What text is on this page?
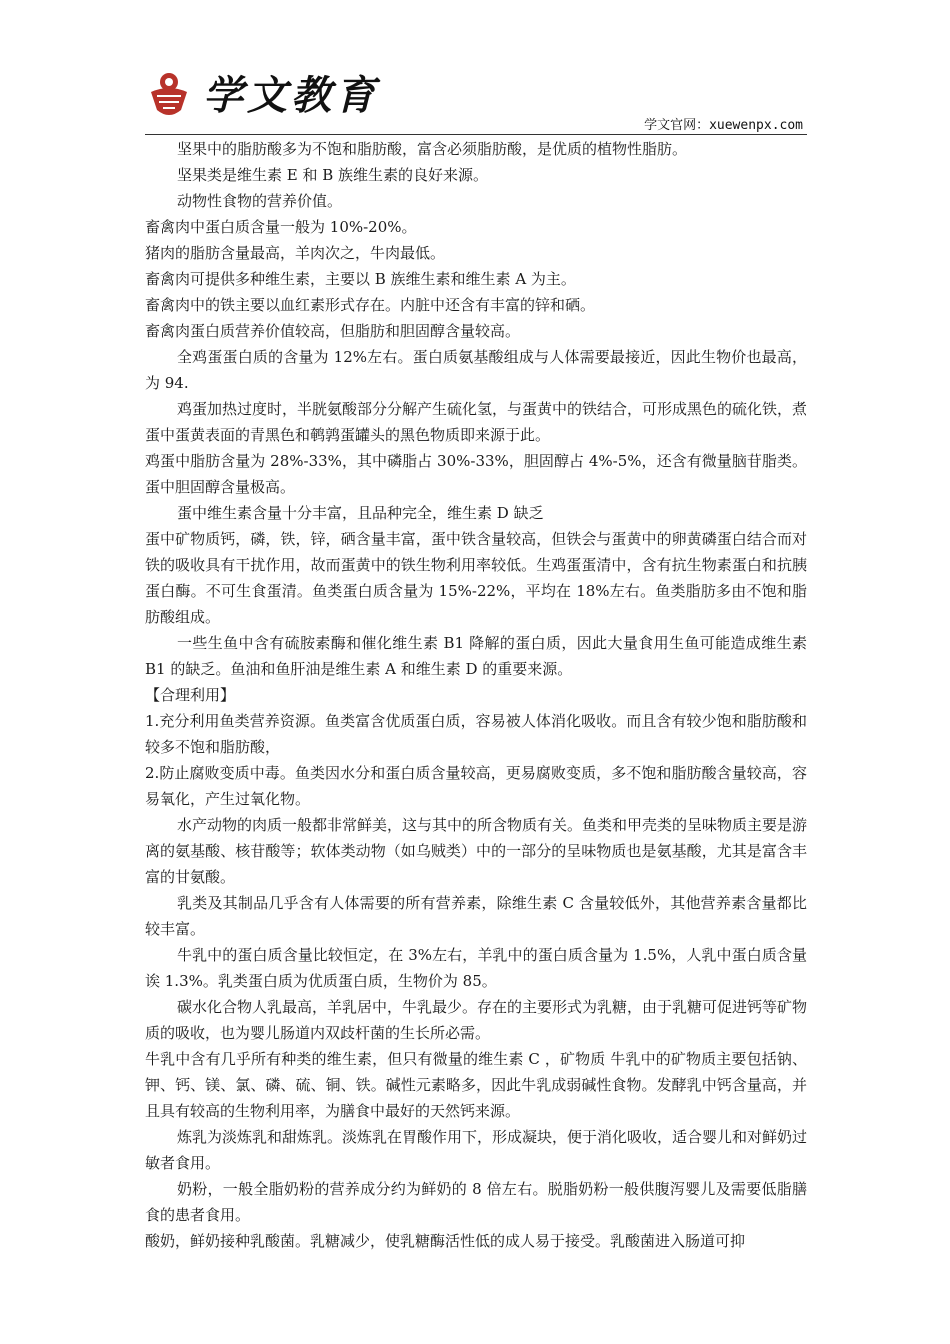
学文教育
学文官网：xuewenpx.com

坚果中的脂肪酸多为不饱和脂肪酸，富含必须脂肪酸，是优质的植物性脂肪。

坚果类是维生素 E 和 B 族维生素的良好来源。

动物性食物的营养价值。

畜禽肉中蛋白质含量一般为 10%-20%。

猪肉的脂肪含量最高，羊肉次之，牛肉最低。

畜禽肉可提供多种维生素，主要以 B 族维生素和维生素 A 为主。

畜禽肉中的铁主要以血红素形式存在。内脏中还含有丰富的锌和硒。

畜禽肉蛋白质营养价值较高，但脂肪和胆固醇含量较高。

全鸡蛋蛋白质的含量为 12%左右。蛋白质氨基酸组成与人体需要最接近，因此生物价也最高，为 94.

鸡蛋加热过度时，半胱氨酸部分分解产生硫化氢，与蛋黄中的铁结合，可形成黑色的硫化铁，煮蛋中蛋黄表面的青黑色和鹌鹑蛋罐头的黑色物质即来源于此。

鸡蛋中脂肪含量为 28%-33%，其中磷脂占 30%-33%，胆固醇占 4%-5%，还含有微量脑苷脂类。蛋中胆固醇含量极高。

蛋中维生素含量十分丰富，且品种完全，维生素 D 缺乏

蛋中矿物质钙，磷，铁，锌，硒含量丰富，蛋中铁含量较高，但铁会与蛋黄中的卵黄磷蛋白结合而对铁的吸收具有干扰作用，故而蛋黄中的铁生物利用率较低。生鸡蛋蛋清中，含有抗生物素蛋白和抗胰蛋白酶。不可生食蛋清。鱼类蛋白质含量为 15%-22%，平均在 18%左右。鱼类脂肪多由不饱和脂肪酸组成。

一些生鱼中含有硫胺素酶和催化维生素 B1 降解的蛋白质，因此大量食用生鱼可能造成维生素 B1 的缺乏。鱼油和鱼肝油是维生素 A 和维生素 D 的重要来源。

【合理利用】

1.充分利用鱼类营养资源。鱼类富含优质蛋白质，容易被人体消化吸收。而且含有较少饱和脂肪酸和较多不饱和脂肪酸，

2.防止腐败变质中毒。鱼类因水分和蛋白质含量较高，更易腐败变质，多不饱和脂肪酸含量较高，容易氧化，产生过氧化物。

水产动物的肉质一般都非常鲜美，这与其中的所含物质有关。鱼类和甲壳类的呈味物质主要是游离的氨基酸、核苷酸等；软体类动物（如乌贼类）中的一部分的呈味物质也是氨基酸，尤其是富含丰富的甘氨酸。

乳类及其制品几乎含有人体需要的所有营养素，除维生素 C 含量较低外，其他营养素含量都比较丰富。

牛乳中的蛋白质含量比较恒定，在 3%左右，羊乳中的蛋白质含量为 1.5%，人乳中蛋白质含量诶 1.3%。乳类蛋白质为优质蛋白质，生物价为 85。

碳水化合物人乳最高，羊乳居中，牛乳最少。存在的主要形式为乳糖，由于乳糖可促进钙等矿物质的吸收，也为婴儿肠道内双歧杆菌的生长所必需。

牛乳中含有几乎所有种类的维生素，但只有微量的维生素 C ，矿物质 牛乳中的矿物质主要包括钠、钾、钙、镁、氯、磷、硫、铜、铁。碱性元素略多，因此牛乳成弱碱性食物。发酵乳中钙含量高，并且具有较高的生物利用率，为膳食中最好的天然钙来源。

炼乳为淡炼乳和甜炼乳。淡炼乳在胃酸作用下，形成凝块，便于消化吸收，适合婴儿和对鲜奶过敏者食用。

奶粉，一般全脂奶粉的营养成分约为鲜奶的 8 倍左右。脱脂奶粉一般供腹泻婴儿及需要低脂膳食的患者食用。

酸奶，鲜奶接种乳酸菌。乳糖减少，使乳糖酶活性低的成人易于接受。乳酸菌进入肠道可抑
